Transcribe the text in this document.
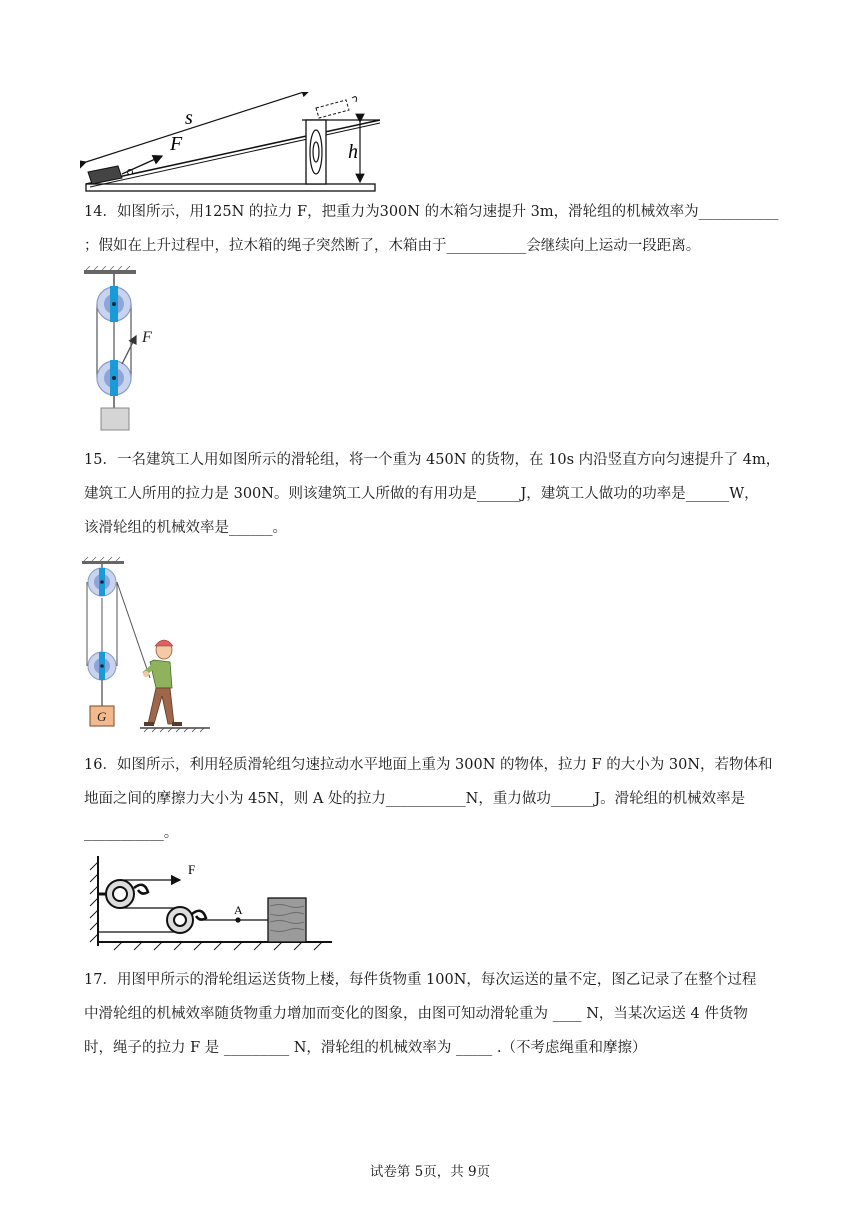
s
F	h
14．如图所示，用125N 的拉力 F，把重力为300N 的木箱匀速提升 3m，滑轮组的机械效率为___________
；假如在上升过程中，拉木箱的绳子突然断了，木箱由于___________会继续向上运动一段距离。
F
15．一名建筑工人用如图所示的滑轮组，将一个重为 450N 的货物，在 10s 内沿竖直方向匀速提升了 4m，
建筑工人所用的拉力是 300N。则该建筑工人所做的有用功是______J，建筑工人做功的功率是______W，
该滑轮组的机械效率是______。
G
16．如图所示，利用轻质滑轮组匀速拉动水平地面上重为 300N 的物体，拉力 F 的大小为 30N，若物体和
地面之间的摩擦力大小为 45N，则 A 处的拉力___________N，重力做功______J。滑轮组的机械效率是
___________。
F
A
17．用图甲所示的滑轮组运送货物上楼，每件货物重 100N，每次运送的量不定，图乙记录了在整个过程
中滑轮组的机械效率随货物重力增加而变化的图象，由图可知动滑轮重为 ____ N，当某次运送 4 件货物
时，绳子的拉力 F 是 _________ N，滑轮组的机械效率为 _____ .（不考虑绳重和摩擦）
试卷第 5页，共 9页
